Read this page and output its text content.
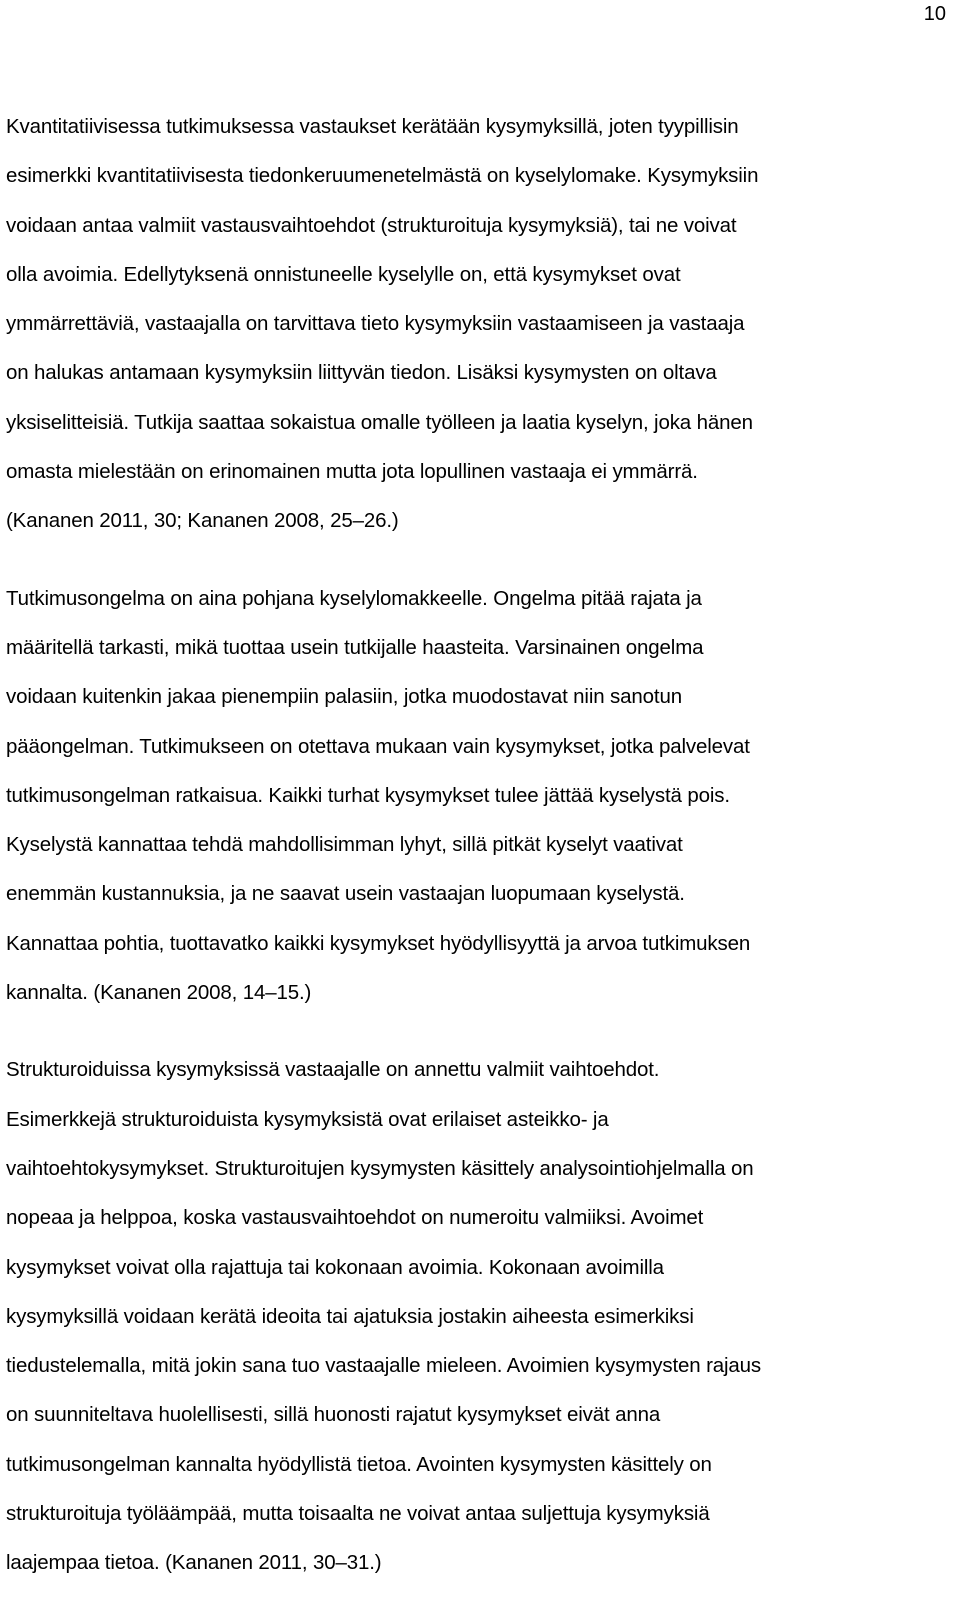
10

Kvantitatiivisessa tutkimuksessa vastaukset kerätään kysymyksillä, joten tyypillisin
esimerkki kvantitatiivisesta tiedonkeruumenetelmästä on kyselylomake. Kysymyksiin
voidaan antaa valmiit vastausvaihtoehdot (strukturoituja kysymyksiä), tai ne voivat
olla avoimia. Edellytyksenä onnistuneelle kyselylle on, että kysymykset ovat
ymmärrettäviä, vastaajalla on tarvittava tieto kysymyksiin vastaamiseen ja vastaaja
on halukas antamaan kysymyksiin liittyvän tiedon. Lisäksi kysymysten on oltava
yksiselitteisiä. Tutkija saattaa sokaistua omalle työlleen ja laatia kyselyn, joka hänen
omasta mielestään on erinomainen mutta jota lopullinen vastaaja ei ymmärrä.
(Kananen 2011, 30; Kananen 2008, 25–26.)

Tutkimusongelma on aina pohjana kyselylomakkeelle. Ongelma pitää rajata ja
määritellä tarkasti, mikä tuottaa usein tutkijalle haasteita. Varsinainen ongelma
voidaan kuitenkin jakaa pienempiin palasiin, jotka muodostavat niin sanotun
pääongelman. Tutkimukseen on otettava mukaan vain kysymykset, jotka palvelevat
tutkimusongelman ratkaisua. Kaikki turhat kysymykset tulee jättää kyselystä pois.
Kyselystä kannattaa tehdä mahdollisimman lyhyt, sillä pitkät kyselyt vaativat
enemmän kustannuksia, ja ne saavat usein vastaajan luopumaan kyselystä.
Kannattaa pohtia, tuottavatko kaikki kysymykset hyödyllisyyttä ja arvoa tutkimuksen
kannalta. (Kananen 2008, 14–15.)

Strukturoiduissa kysymyksissä vastaajalle on annettu valmiit vaihtoehdot.
Esimerkkejä strukturoiduista kysymyksistä ovat erilaiset asteikko- ja
vaihtoehtokysymykset. Strukturoitujen kysymysten käsittely analysointiohjelmalla on
nopeaa ja helppoa, koska vastausvaihtoehdot on numeroitu valmiiksi. Avoimet
kysymykset voivat olla rajattuja tai kokonaan avoimia. Kokonaan avoimilla
kysymyksillä voidaan kerätä ideoita tai ajatuksia jostakin aiheesta esimerkiksi
tiedustelemalla, mitä jokin sana tuo vastaajalle mieleen. Avoimien kysymysten rajaus
on suunniteltava huolellisesti, sillä huonosti rajatut kysymykset eivät anna
tutkimusongelman kannalta hyödyllistä tietoa. Avointen kysymysten käsittely on
strukturoituja työläämpää, mutta toisaalta ne voivat antaa suljettuja kysymyksiä
laajempaa tietoa. (Kananen 2011, 30–31.)
